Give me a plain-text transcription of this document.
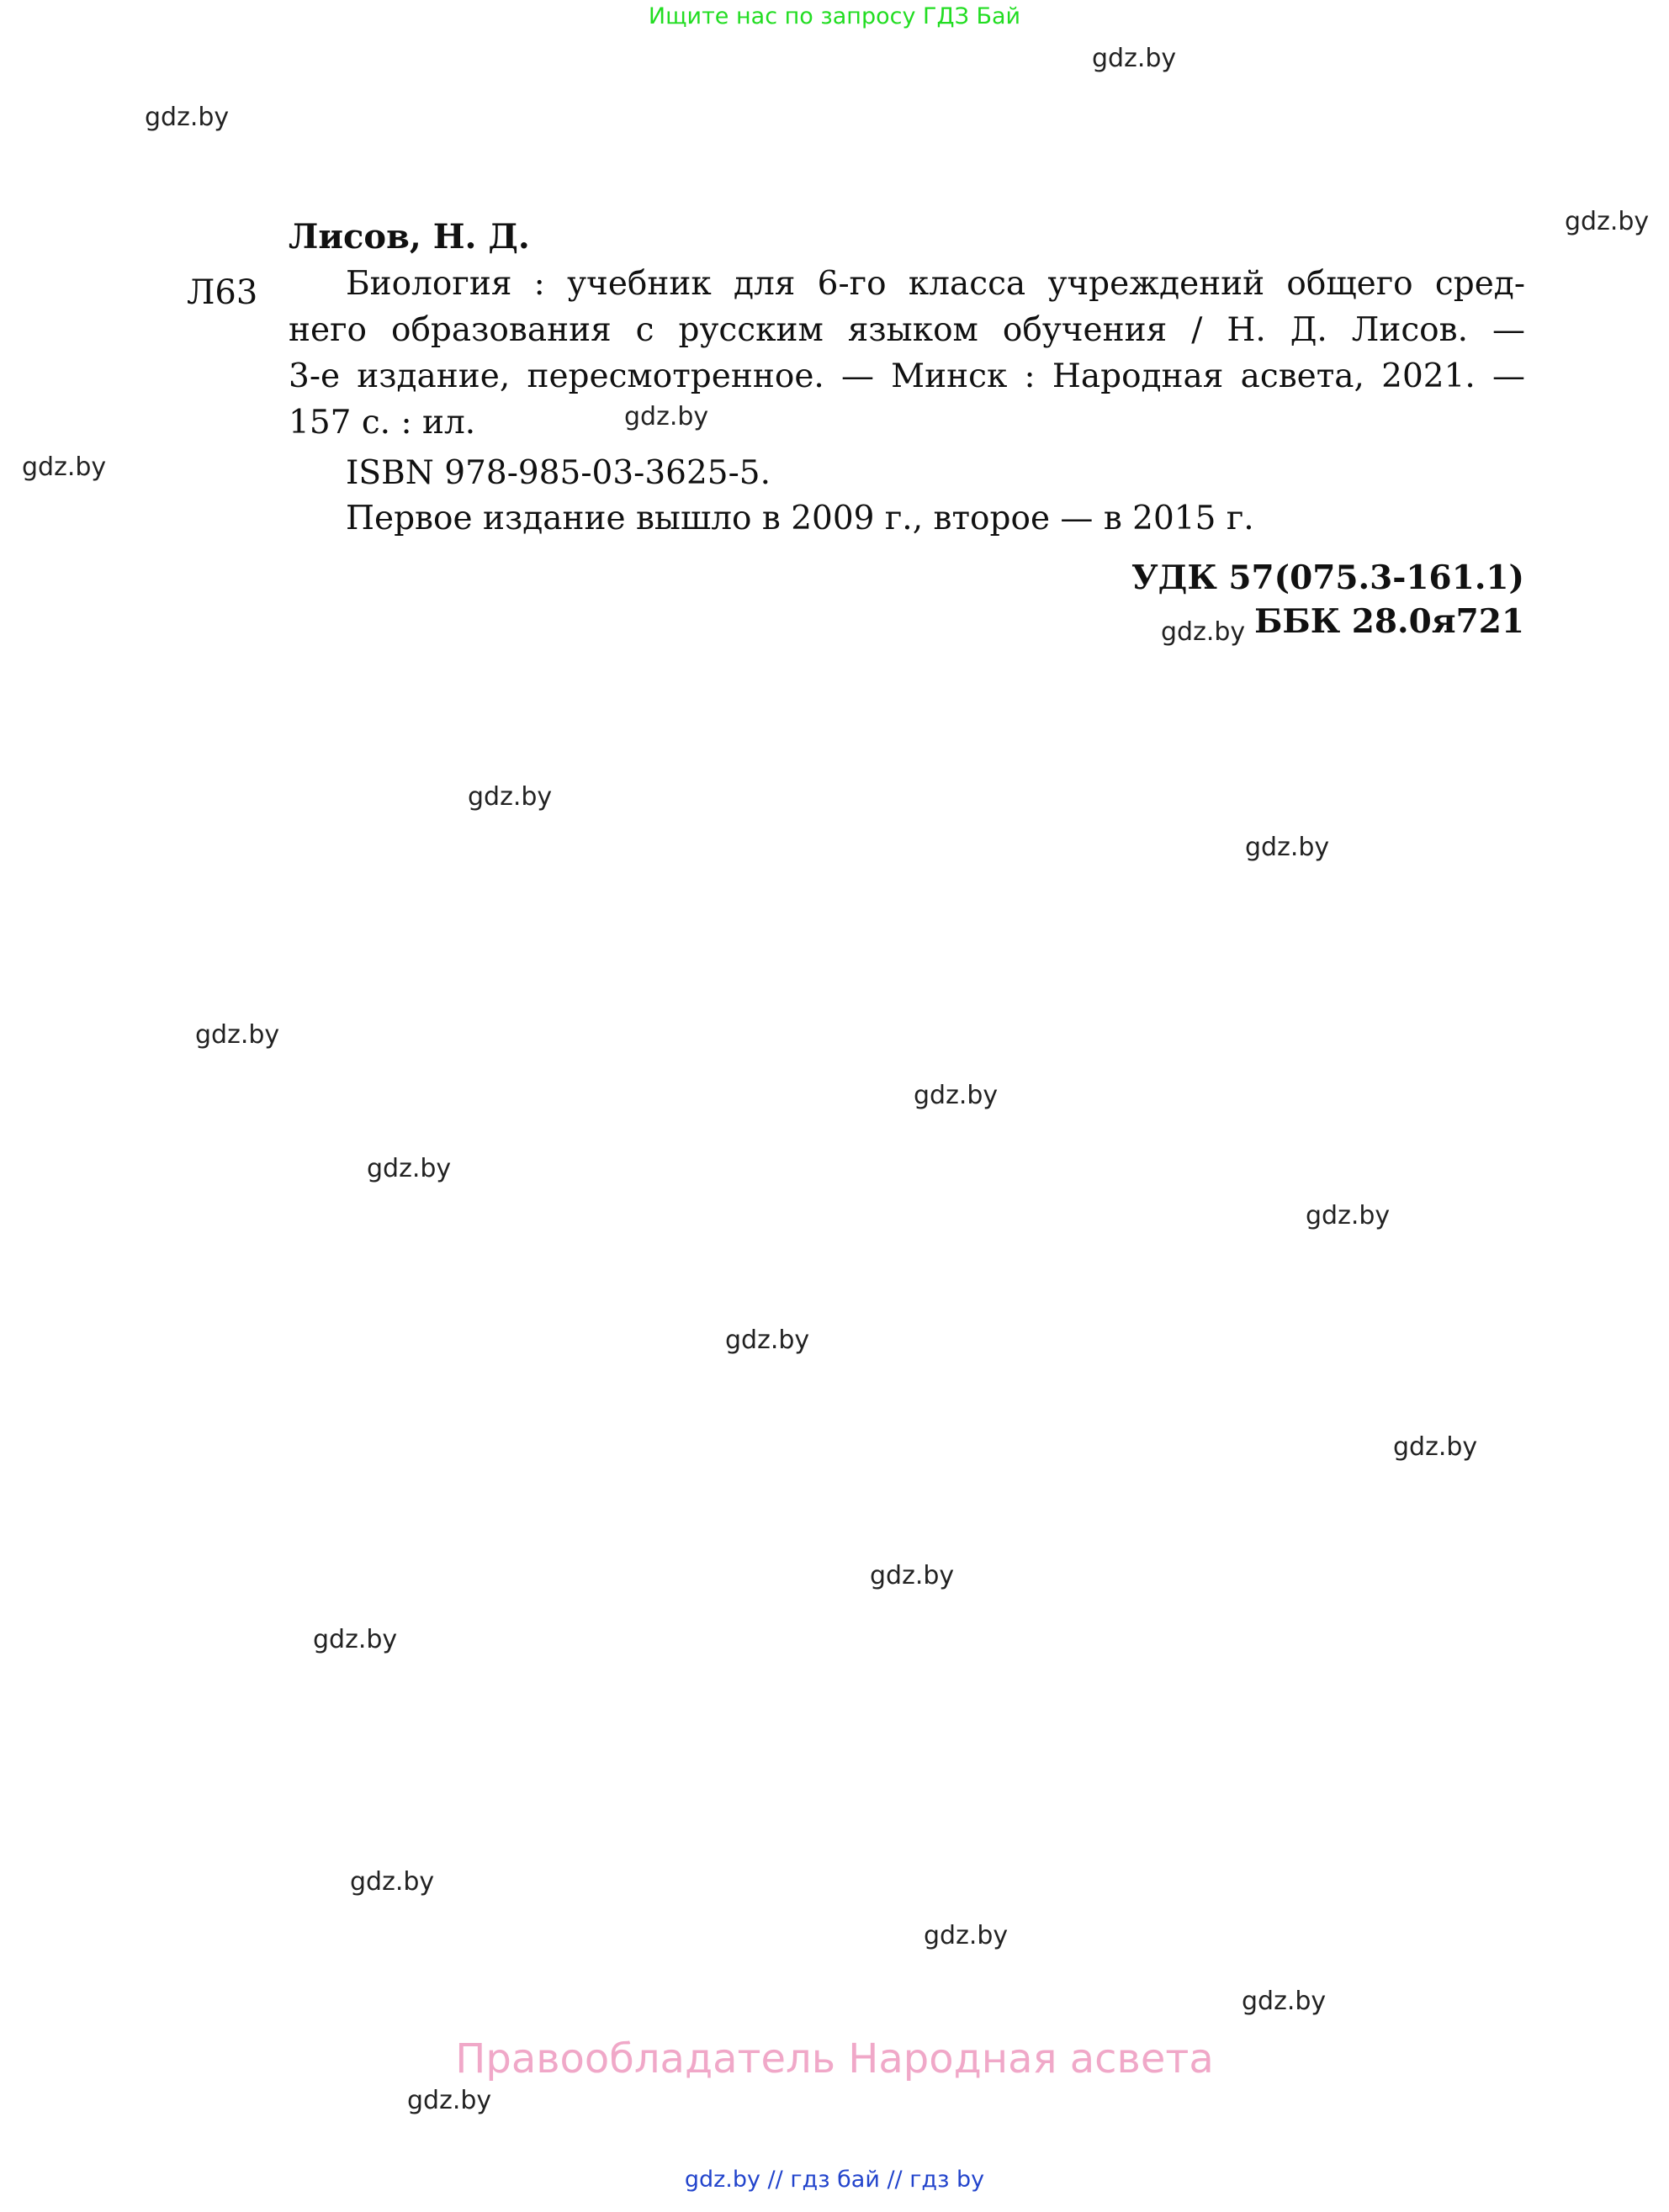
Ищите нас по запросу ГДЗ Бай
gdz.by
gdz.by
gdz.by
gdz.by
gdz.by
gdz.by
gdz.by
gdz.by
gdz.by
gdz.by
gdz.by
gdz.by
gdz.by
gdz.by
gdz.by
gdz.by
gdz.by
gdz.by
gdz.by
gdz.by
Лисов, Н. Д.
Л63	Биология : учебник для 6-го класса учреждений общего сред-
него образования с русским языком обучения / Н. Д. Лисов. —
3-е издание, пересмотренное. — Минск : Народная асвета, 2021. —
157 с. : ил.
ISBN 978-985-03-3625-5.
Первое издание вышло в 2009 г., второе — в 2015 г.
УДК 57(075.3-161.1)
ББК 28.0я721
Правообладатель Народная асвета
gdz.by // гдз бай // гдз by
